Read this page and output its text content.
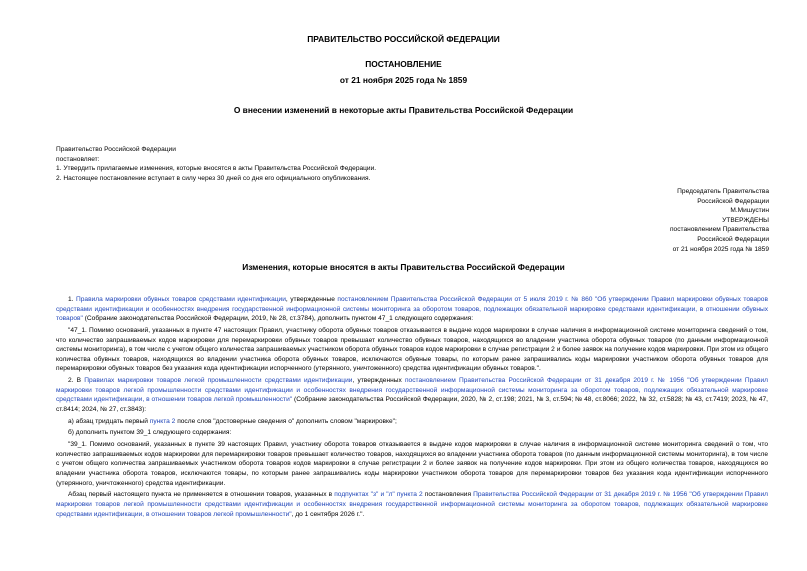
ПРАВИТЕЛЬСТВО РОССИЙСКОЙ ФЕДЕРАЦИИ
ПОСТАНОВЛЕНИЕ
от 21 ноября 2025 года № 1859
О внесении изменений в некоторые акты Правительства Российской Федерации
Правительство Российской Федерации
постановляет:
1. Утвердить прилагаемые изменения, которые вносятся в акты Правительства Российской Федерации.
2. Настоящее постановление вступает в силу через 30 дней со дня его официального опубликования.
Председатель Правительства
Российской Федерации
М.Мишустин
УТВЕРЖДЕНЫ
постановлением Правительства
Российской Федерации
от 21 ноября 2025 года № 1859
Изменения, которые вносятся в акты Правительства Российской Федерации

1. Правила маркировки обувных товаров средствами идентификации, утвержденные постановлением Правительства Российской Федерации от 5 июля 2019 г. № 860 "Об утверждении Правил маркировки обувных товаров средствами идентификации и особенностях внедрения государственной информационной системы мониторинга за оборотом товаров, подлежащих обязательной маркировке средствами идентификации, в отношении обувных товаров" (Собрание законодательства Российской Федерации, 2019, № 28, ст.3784), дополнить пунктом 47_1 следующего содержания:

"47_1. Помимо оснований, указанных в пункте 47 настоящих Правил, участнику оборота обувных товаров отказывается в выдаче кодов маркировки в случае наличия в информационной системе мониторинга сведений о том, что количество запрашиваемых кодов маркировки для перемаркировки обувных товаров превышает количество обувных товаров, находящихся во владении участника оборота обувных товаров (по данным информационной системы мониторинга), в том числе с учетом общего количества запрашиваемых участником оборота обувных товаров кодов маркировки в случае регистрации 2 и более заявок на получение кодов маркировки. При этом из общего количества обувных товаров, находящихся во владении участника оборота обувных товаров, исключаются обувные товары, по которым ранее запрашивались коды маркировки участником оборота обувных товаров для перемаркировки обувных товаров без указания кода идентификации испорченного (утерянного, уничтоженного) средства идентификации обувных товаров.".

2. В Правилах маркировки товаров легкой промышленности средствами идентификации, утвержденных постановлением Правительства Российской Федерации от 31 декабря 2019 г. № 1956 "Об утверждении Правил маркировки товаров легкой промышленности средствами идентификации и особенностях внедрения государственной информационной системы мониторинга за оборотом товаров, подлежащих обязательной маркировке средствами идентификации, в отношении товаров легкой промышленности" (Собрание законодательства Российской Федерации, 2020, № 2, ст.198; 2021, № 3, ст.594; № 48, ст.8066; 2022, № 32, ст.5828; № 43, ст.7419; 2023, № 47, ст.8414; 2024, № 27, ст.3843):

а) абзац тридцать первый пункта 2 после слов "достоверные сведения о" дополнить словом "маркировке";

б) дополнить пунктом 39_1 следующего содержания:

"39_1. Помимо оснований, указанных в пункте 39 настоящих Правил, участнику оборота товаров отказывается в выдаче кодов маркировки в случае наличия в информационной системе мониторинга сведений о том, что количество запрашиваемых кодов маркировки для перемаркировки товаров превышает количество товаров, находящихся во владении участника оборота товаров (по данным информационной системы мониторинга), в том числе с учетом общего количества запрашиваемых участником оборота товаров кодов маркировки в случае регистрации 2 и более заявок на получение кодов маркировки. При этом из общего количества товаров, находящихся во владении участника оборота товаров, исключаются товары, по которым ранее запрашивались коды маркировки участником оборота товаров для перемаркировки товаров без указания кода идентификации испорченного (утерянного, уничтоженного) средства идентификации.

Абзац первый настоящего пункта не применяется в отношении товаров, указанных в подпунктах "з" и "л" пункта 2 постановления Правительства Российской Федерации от 31 декабря 2019 г. № 1956 "Об утверждении Правил маркировки товаров легкой промышленности средствами идентификации и особенностях внедрения государственной информационной системы мониторинга за оборотом товаров, подлежащих обязательной маркировке средствами идентификации, в отношении товаров легкой промышленности", до 1 сентября 2026 г.".
